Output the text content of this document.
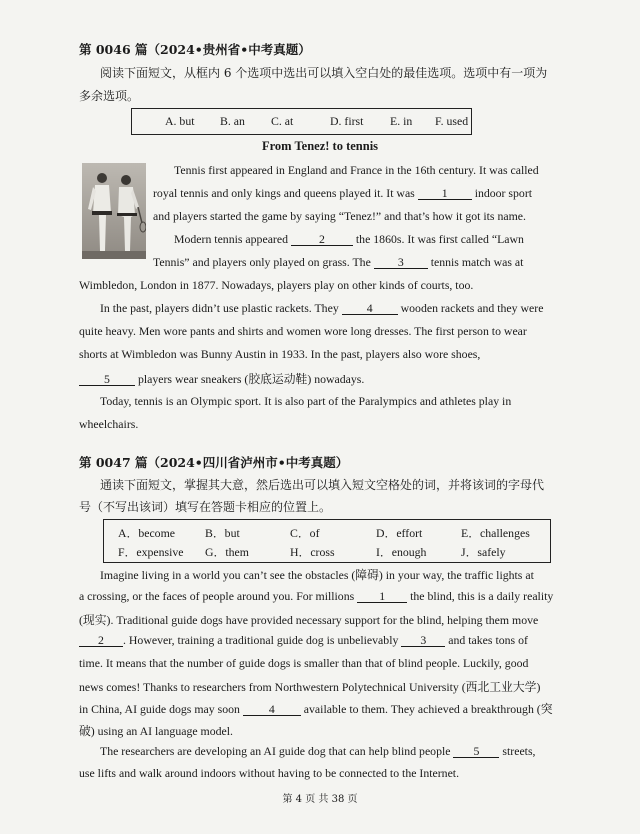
第 0046 篇（2024•贵州省•中考真题）
阅读下面短文，从框内 6 个选项中选出可以填入空白处的最佳选项。选项中有一项为
多余选项。
A. but B. an C. at	D. first E. in F. used
From Tenez! to tennis
Tennis first appeared in England and France in the 16th century. It was called
royal tennis and only kings and queens played it. It was 1 indoor sport
and players started the game by saying “Tenez!” and that’s how it got its name.
Modern tennis appeared	2	the 1860s. It was first called “Lawn
Tennis” and players only played on grass. The 3 tennis match was at
Wimbledon, London in 1877. Nowadays, players play on other kinds of courts, too.
In the past, players didn’t use plastic rackets. They 4 wooden rackets and they were
quite heavy. Men wore pants and shirts and women wore long dresses. The first person to wear
shorts at Wimbledon was Bunny Austin in 1933. In the past, players also wore shoes,
5 players wear sneakers (胶底运动鞋) nowadays.
Today, tennis is an Olympic sport. It is also part of the Paralympics and athletes play in
wheelchairs.
第 0047 篇（2024•四川省泸州市•中考真题）
通读下面短文，掌握其大意，然后选出可以填入短文空格处的词，并将该词的字母代
号（不写出该词）填写在答题卡相应的位置上。
A．become	B．but	C．of	D．effort	E．challenges
F．expensive G．them	H．cross	I．enough	J．safely
Imagine living in a world you can’t see the obstacles (障碍) in your way, the traffic lights at
a crossing, or the faces of people around you. For millions 1 the blind, this is a daily reality
(现实). Traditional guide dogs have provided necessary support for the blind, helping them move
2 . However, training a traditional guide dog is unbelievably 3 and takes tons of
time. It means that the number of guide dogs is smaller than that of blind people. Luckily, good
news comes! Thanks to researchers from Northwestern Polytechnical University (西北工业大学)
in China, AI guide dogs may soon 4 available to them. They achieved a breakthrough (突
破) using an AI language model.
The researchers are developing an AI guide dog that can help blind people 5 streets,
use lifts and walk around indoors without having to be connected to the Internet.
第 4 页 共 38 页
